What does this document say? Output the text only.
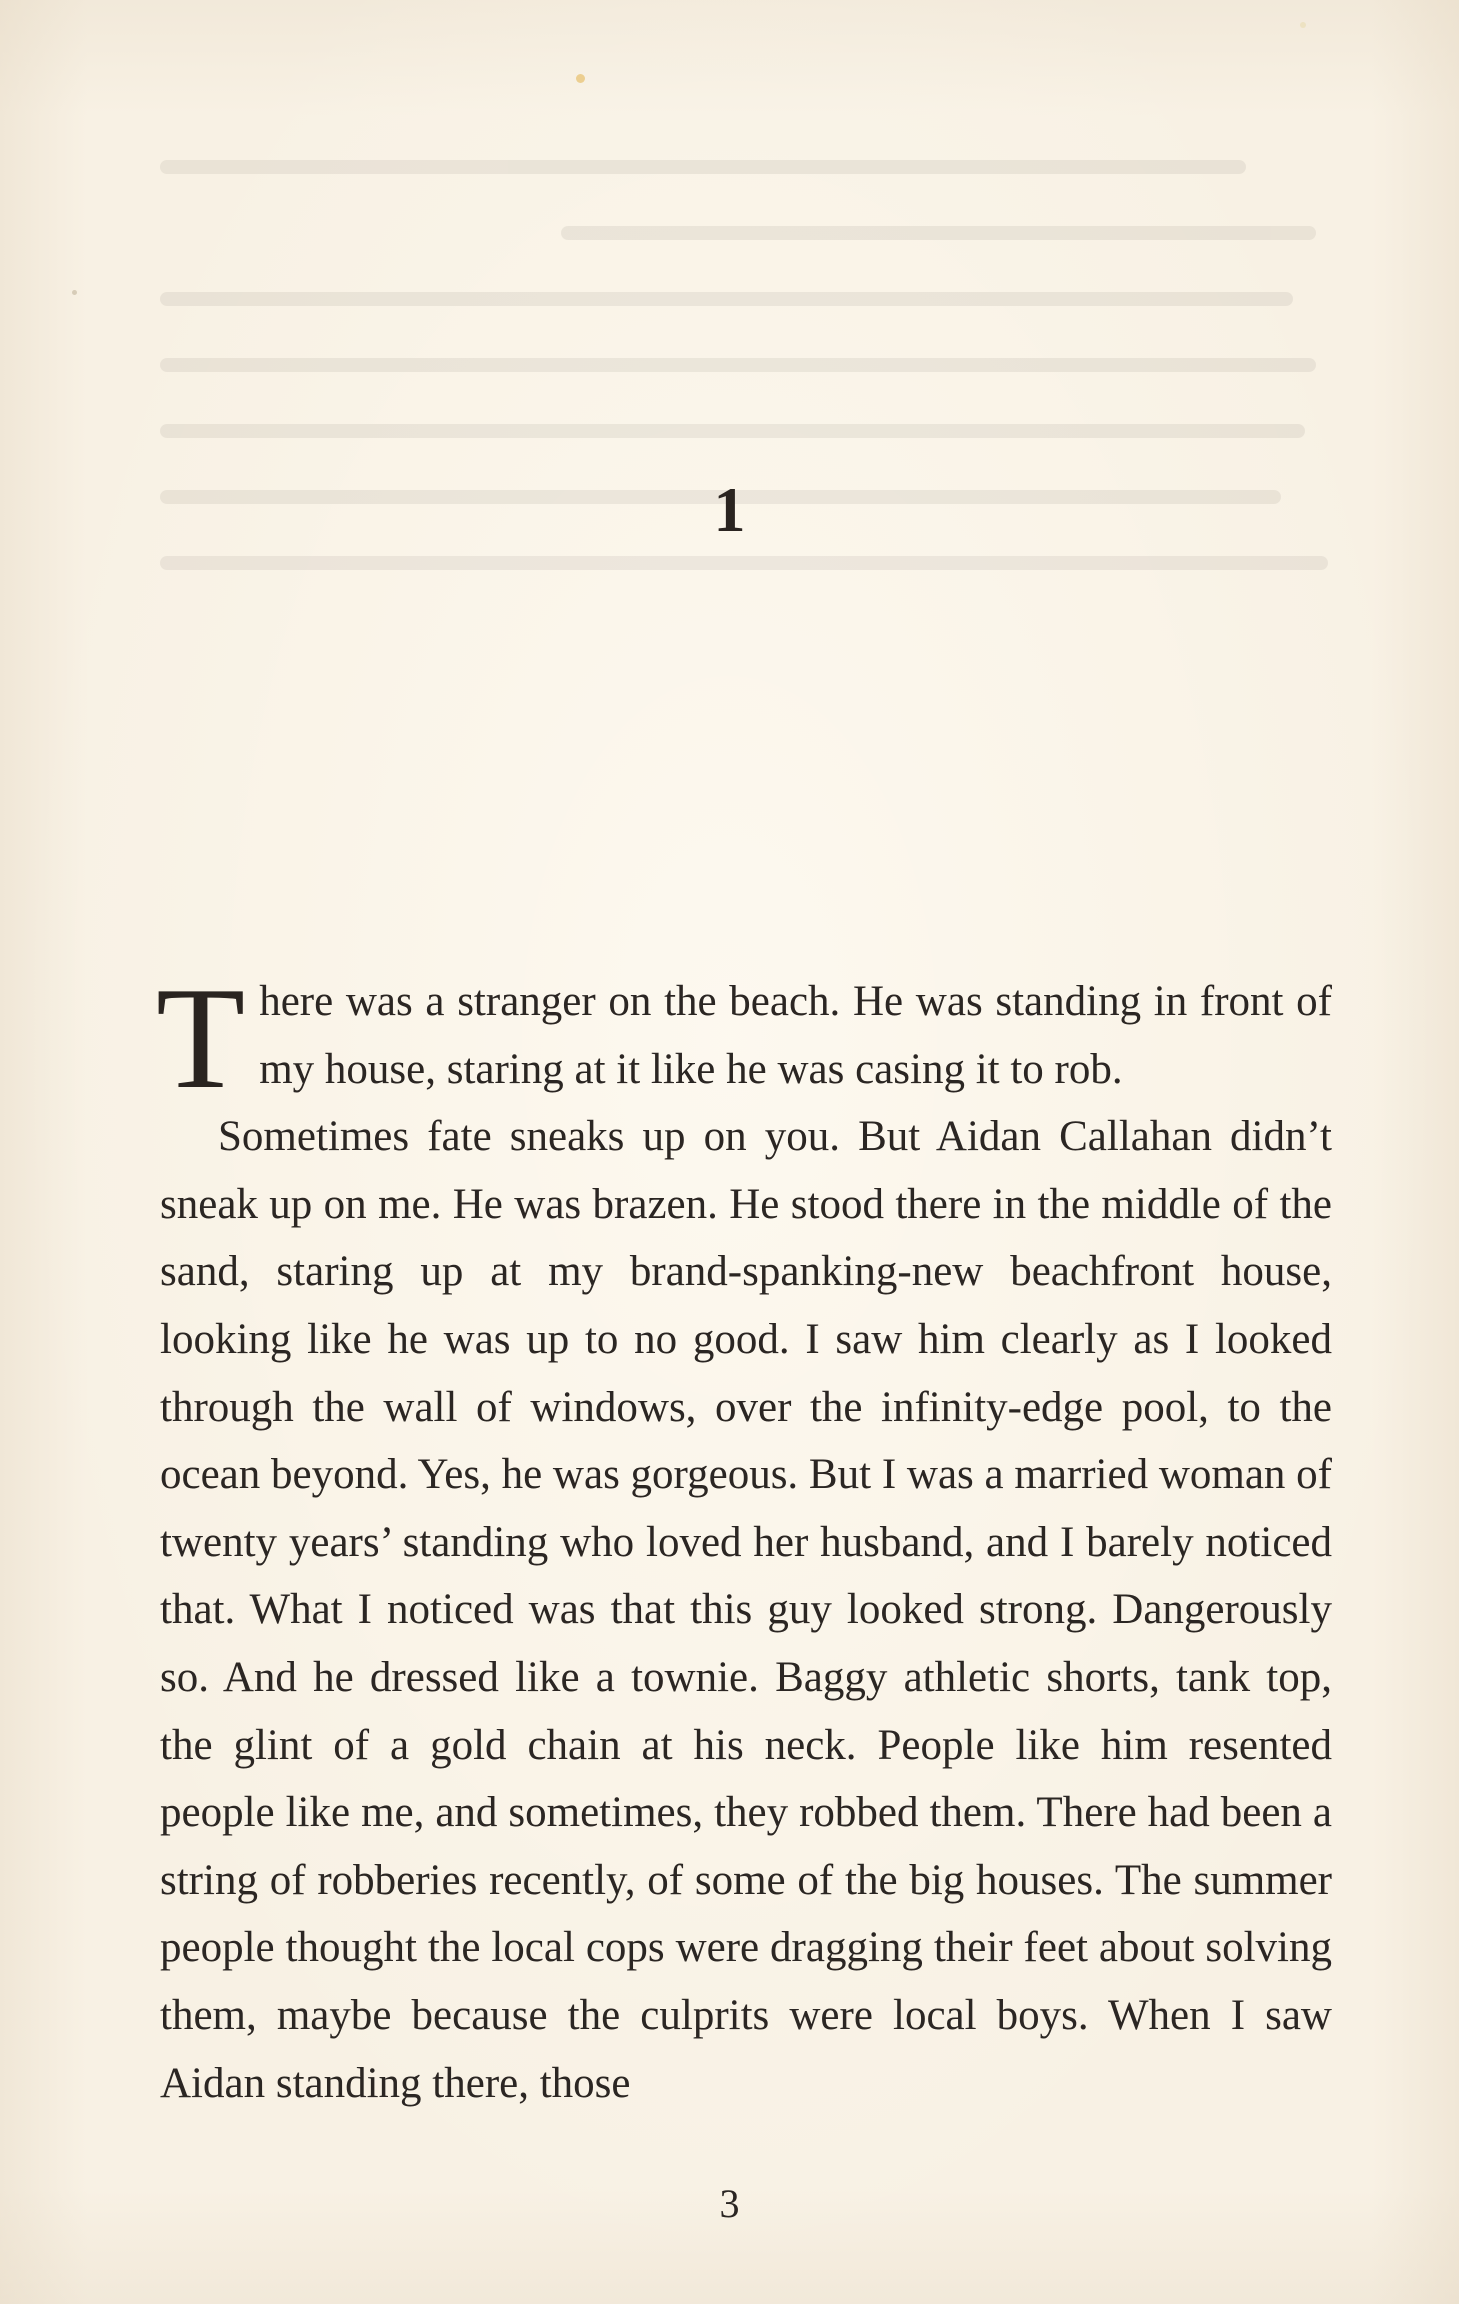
1

There was a stranger on the beach. He was standing in front of my house, staring at it like he was casing it to rob.

Sometimes fate sneaks up on you. But Aidan Callahan didn’t sneak up on me. He was brazen. He stood there in the middle of the sand, staring up at my brand-spanking-new beachfront house, looking like he was up to no good. I saw him clearly as I looked through the wall of windows, over the infinity-edge pool, to the ocean beyond. Yes, he was gorgeous. But I was a married woman of twenty years’ standing who loved her husband, and I barely noticed that. What I noticed was that this guy looked strong. Dangerously so. And he dressed like a townie. Baggy athletic shorts, tank top, the glint of a gold chain at his neck. People like him resented people like me, and sometimes, they robbed them. There had been a string of robberies recently, of some of the big houses. The summer people thought the local cops were dragging their feet about solving them, maybe because the culprits were local boys. When I saw Aidan standing there, those

3
